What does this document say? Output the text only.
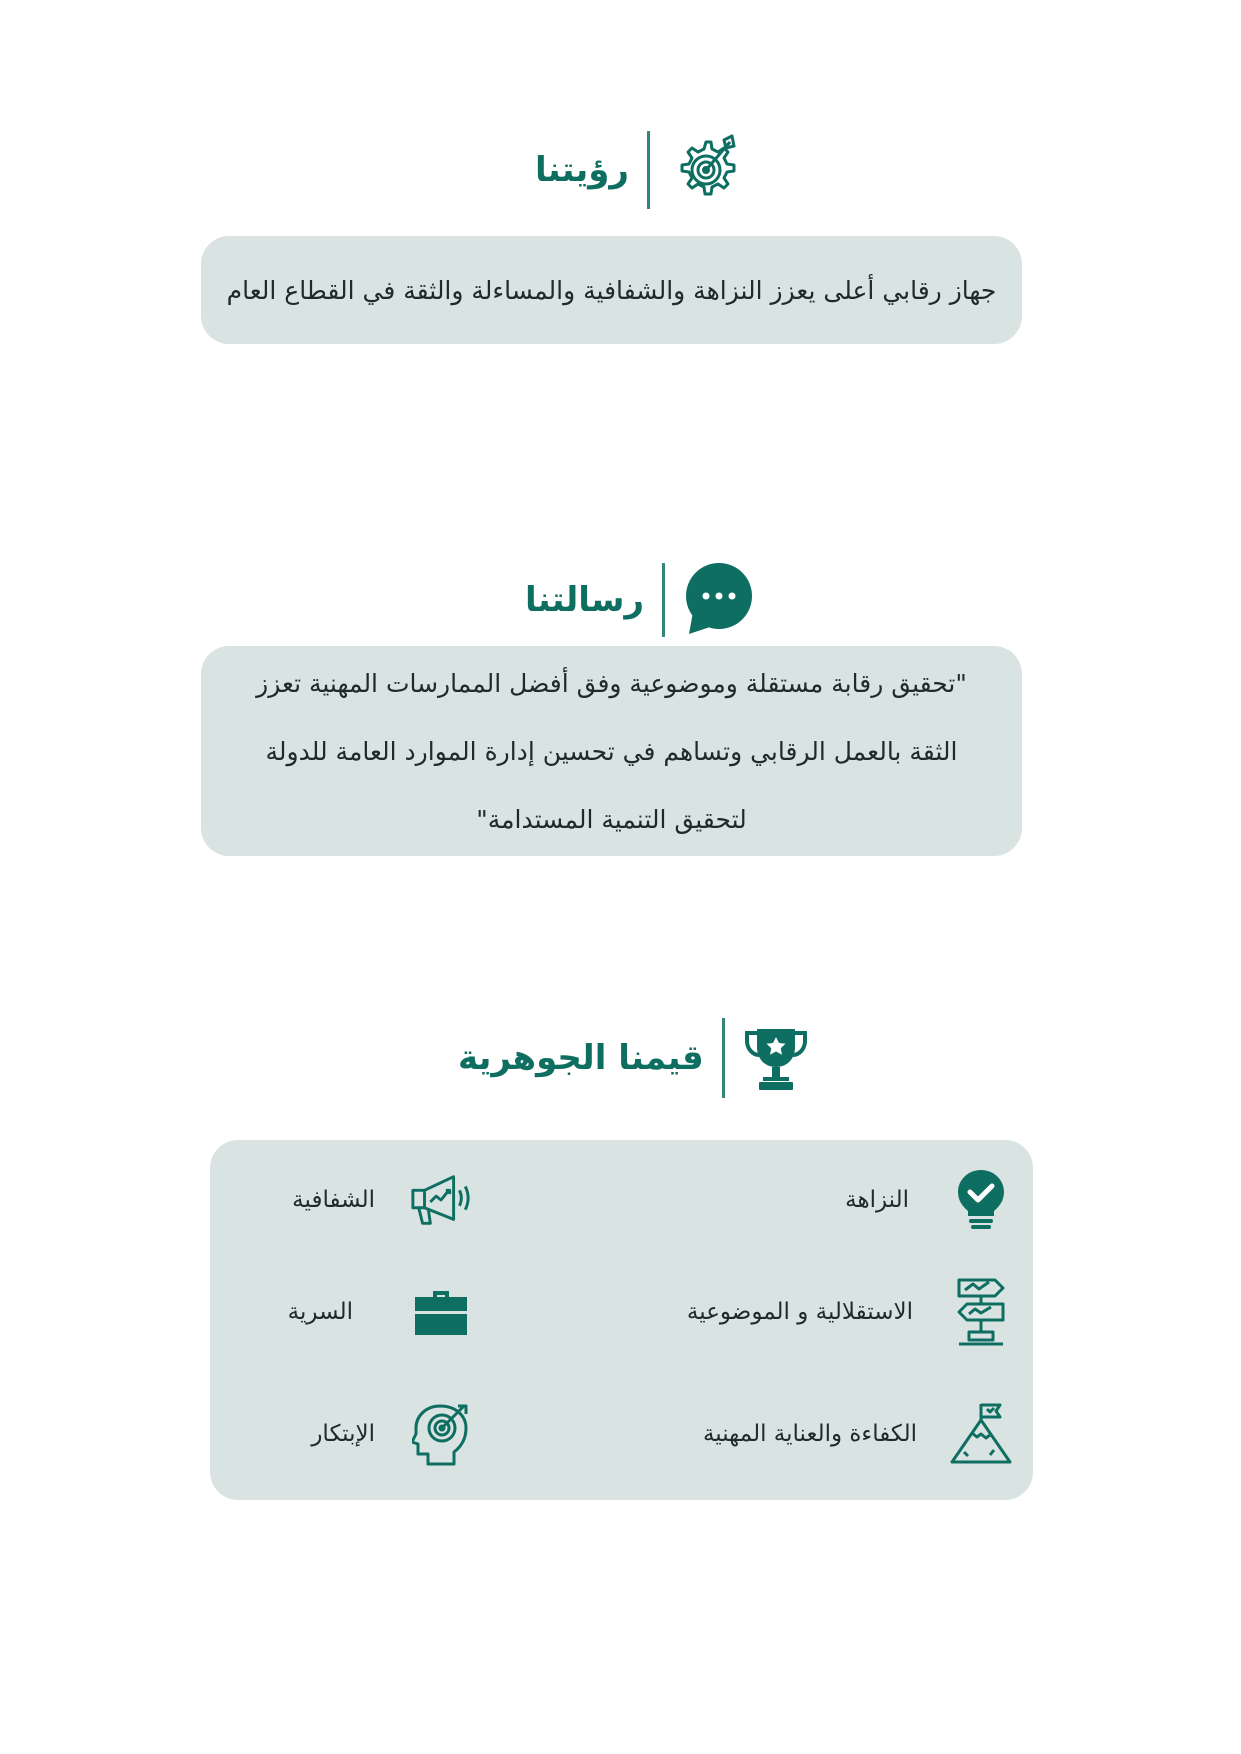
رؤيتنا
جهاز رقابي أعلى يعزز النزاهة والشفافية والمساءلة والثقة في القطاع العام
رسالتنا
"تحقيق رقابة مستقلة وموضوعية وفق أفضل الممارسات المهنية تعزز
الثقة بالعمل الرقابي وتساهم في تحسين إدارة الموارد العامة للدولة
لتحقيق التنمية المستدامة"
قيمنا الجوهرية
النزاهة
الاستقلالية و الموضوعية
الكفاءة والعناية المهنية
الشفافية
السرية
الإبتكار
